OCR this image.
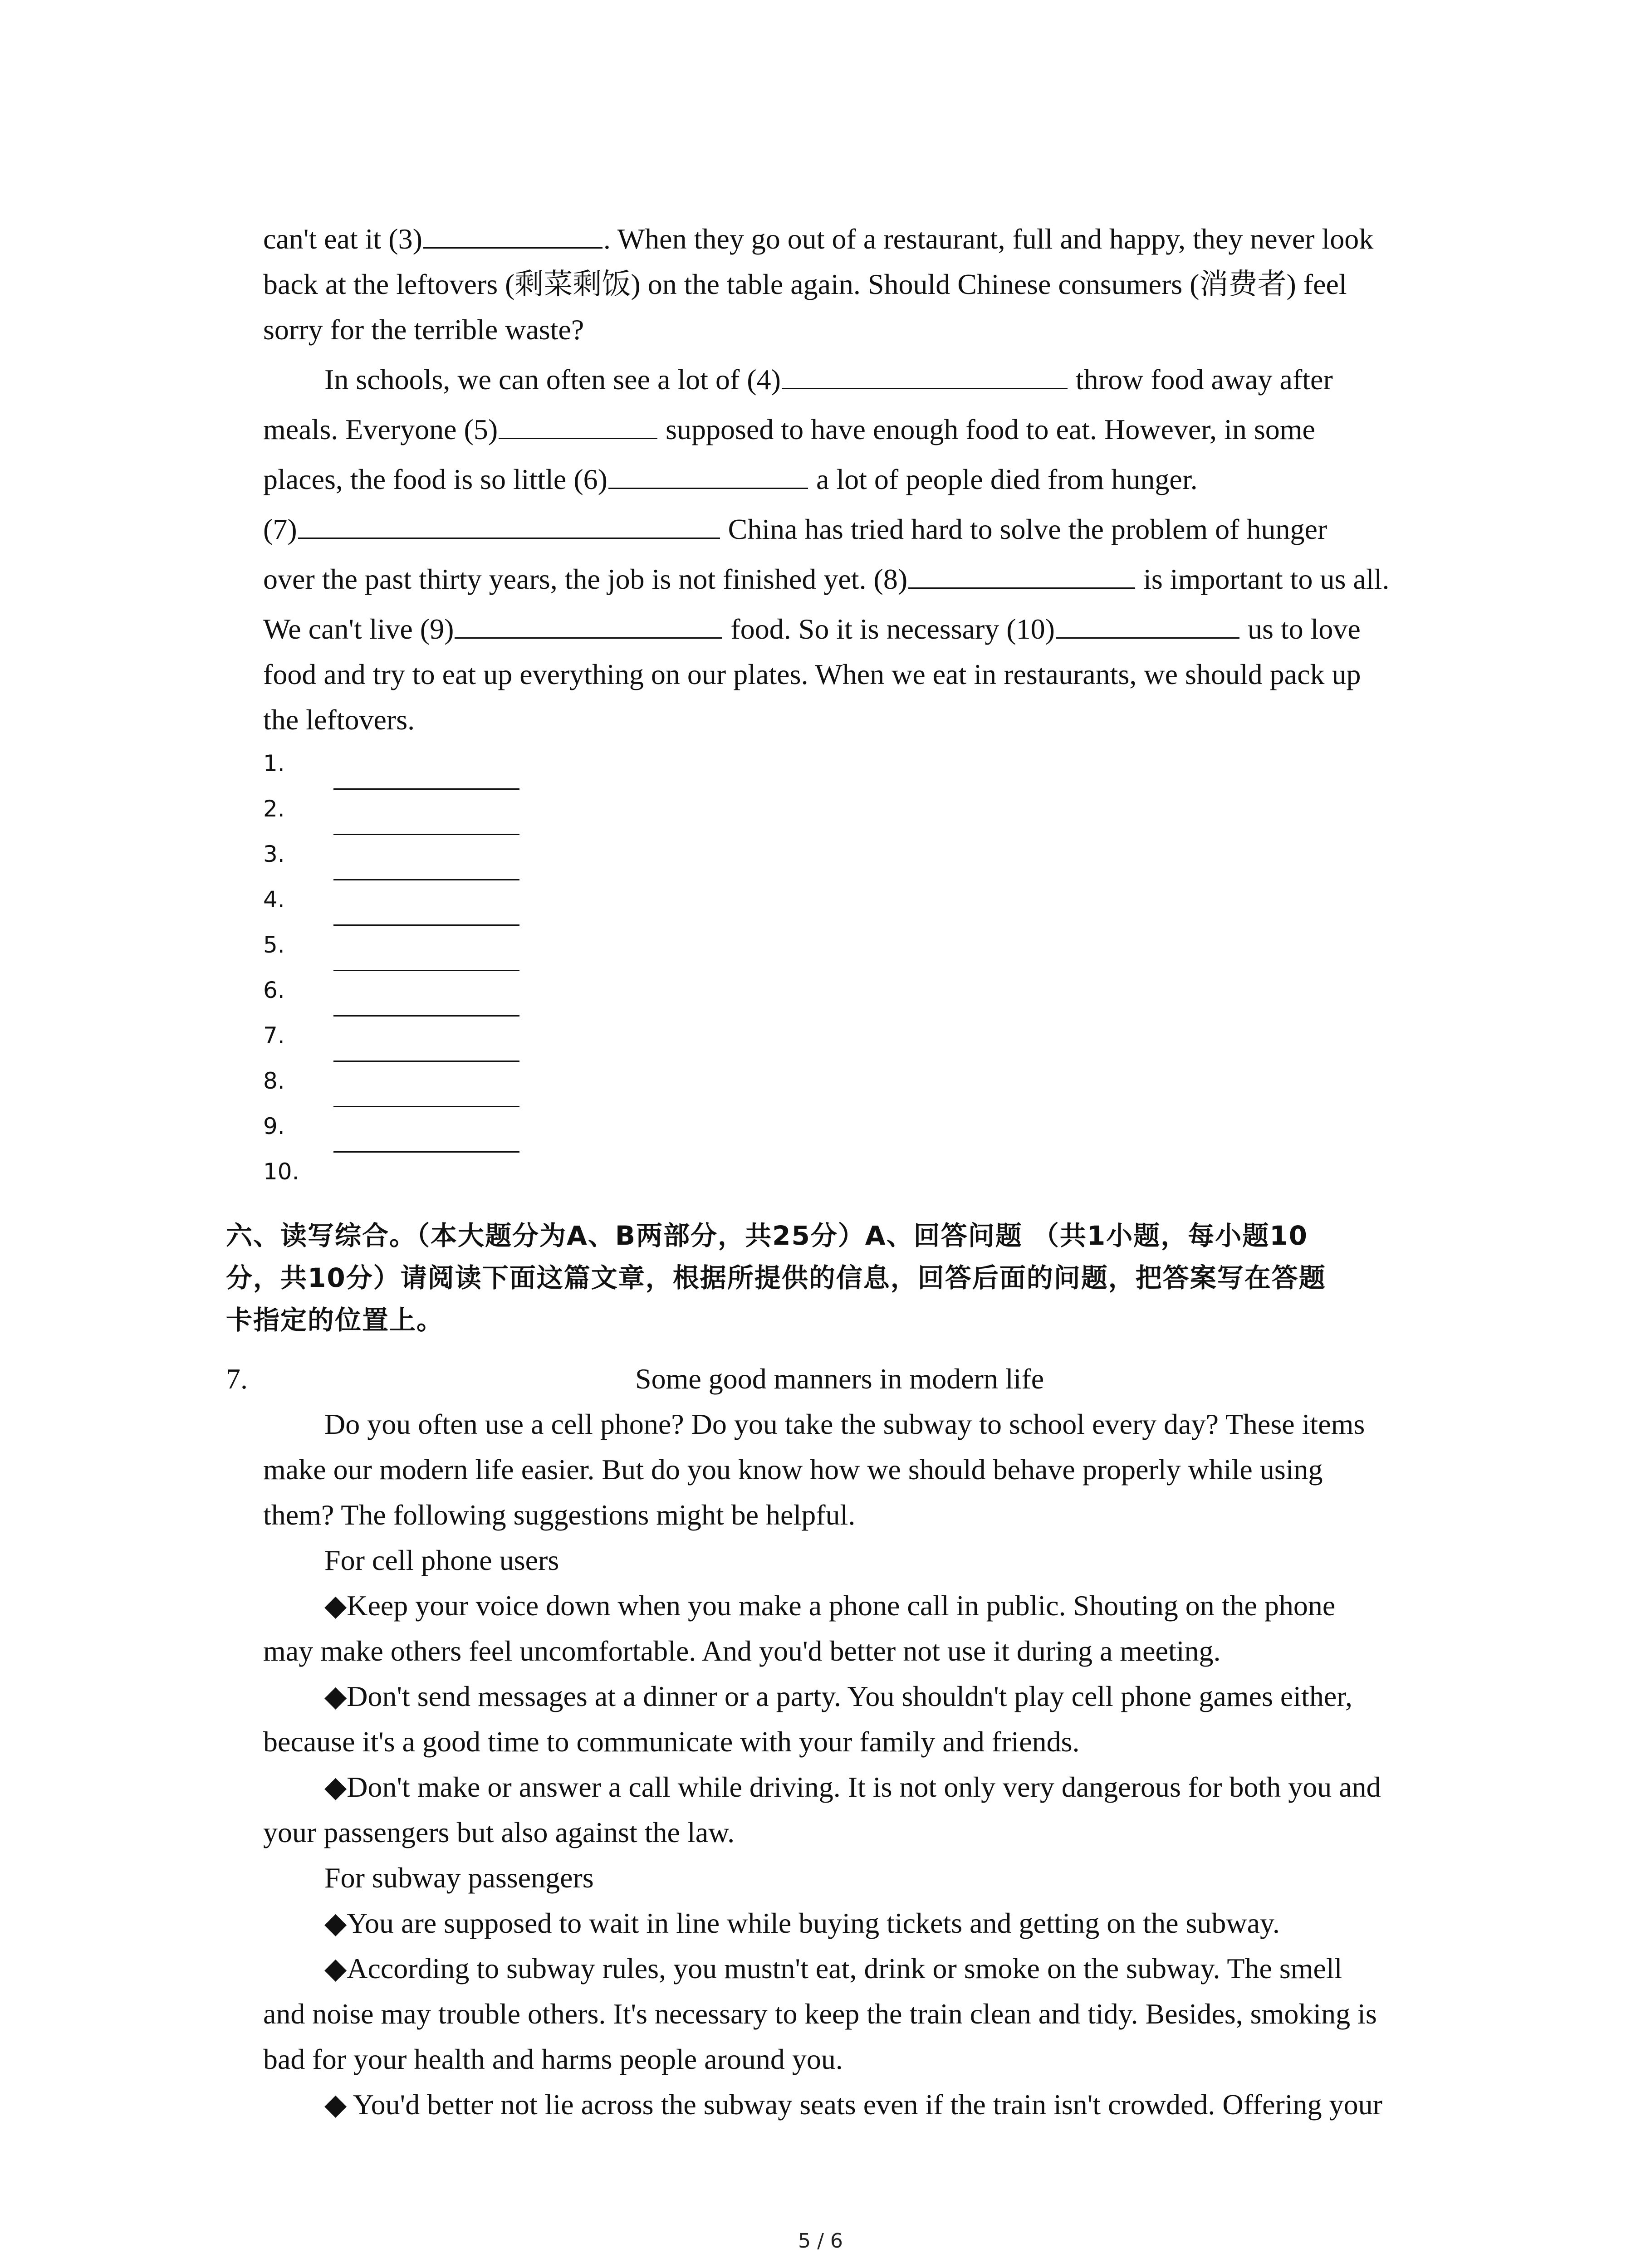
can't eat it (3)	. When they go out of a restaurant, full and happy, they never look
back at the leftovers (剩菜剩饭) on the table again. Should Chinese consumers (消费者) feel
sorry for the terrible waste?
In schools, we can often see a lot of (4)	throw food away after
meals. Everyone (5)	supposed to have enough food to eat. However, in some
places, the food is so little (6)	a lot of people died from hunger.
(7)	China has tried hard to solve the problem of hunger
over the past thirty years, the job is not finished yet. (8)	is important to us all.
We can't live (9)	food. So it is necessary (10)	us to love
food and try to eat up everything on our plates. When we eat in restaurants, we should pack up
the leftovers.
1.
2.
3.
4.
5.
6.
7.
8.
9.
10.
六、读写综合。（本大题分为A、B两部分，共25分）A、回答问题 （共1小题，每小题10
分，共10分）请阅读下面这篇文章，根据所提供的信息，回答后面的问题，把答案写在答题
卡指定的位置上。
7.	Some good manners in modern life
Do you often use a cell phone? Do you take the subway to school every day? These items
make our modern life easier. But do you know how we should behave properly while using
them? The following suggestions might be helpful.
For cell phone users
◆Keep your voice down when you make a phone call in public. Shouting on the phone
may make others feel uncomfortable. And you'd better not use it during a meeting.
◆Don't send messages at a dinner or a party. You shouldn't play cell phone games either,
because it's a good time to communicate with your family and friends.
◆Don't make or answer a call while driving. It is not only very dangerous for both you and
your passengers but also against the law.
For subway passengers
◆You are supposed to wait in line while buying tickets and getting on the subway.
◆According to subway rules, you mustn't eat, drink or smoke on the subway. The smell
and noise may trouble others. It's necessary to keep the train clean and tidy. Besides, smoking is
bad for your health and harms people around you.
◆ You'd better not lie across the subway seats even if the train isn't crowded. Offering your
5 / 6
